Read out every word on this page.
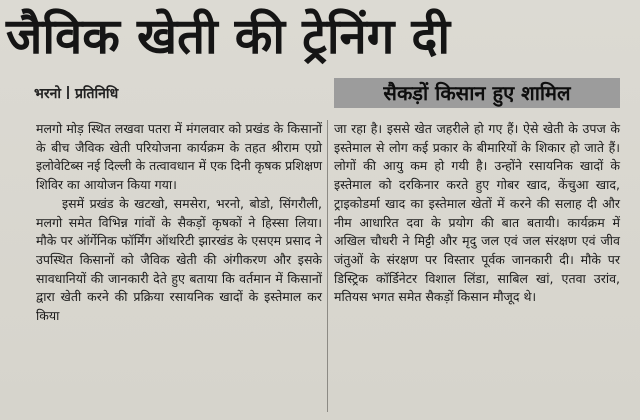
जैविक खेती की ट्रेनिंग दी
भरनो प्रतिनिधि	सैकड़ों किसान हुए शामिल

मलगो मोड़ स्थित लखवा पतरा में मंगलवार को प्रखंड के किसानों के बीच जैविक खेती परियोजना कार्यक्रम के तहत श्रीराम एग्रो इलोवेटिब्स नई दिल्ली के तत्वावधान में एक दिनी कृषक प्रशिक्षण शिविर का आयोजन किया गया।

इसमें प्रखंड के खटखो, समसेरा, भरनो, बोडो, सिंगरौली, मलगो समेत विभिन्न गांवों के सैकड़ों कृषकों ने हिस्सा लिया। मौके पर ऑर्गेनिक फॉर्मिंग ऑथरिटी झारखंड के एसएम प्रसाद ने उपस्थित किसानों को जैविक खेती की अंगीकरण और इसके सावधानियों की जानकारी देते हुए बताया कि वर्तमान में किसानों द्वारा खेती करने की प्रक्रिया रसायनिक खादों के इस्तेमाल कर किया

जा रहा है। इससे खेत जहरीले हो गए हैं। ऐसे खेती के उपज के इस्तेमाल से लोग कई प्रकार के बीमारियों के शिकार हो जाते हैं। लोगों की आयु कम हो गयी है। उन्होंने रसायनिक खादों के इस्तेमाल को दरकिनार करते हुए गोबर खाद, केंचुआ खाद, ट्राइकोडर्मा खाद का इस्तेमाल खेतों में करने की सलाह दी और नीम आधारित दवा के प्रयोग की बात बतायी। कार्यक्रम में अखिल चौधरी ने मिट्टी और मृदु जल एवं जल संरक्षण एवं जीव जंतुओं के संरक्षण पर विस्तार पूर्वक जानकारी दी। मौके पर डिस्ट्रिक कॉर्डिनेटर विशाल लिंडा, साबिल खां, एतवा उरांव, मतियस भगत समेत सैकड़ों किसान मौजूद थे।
